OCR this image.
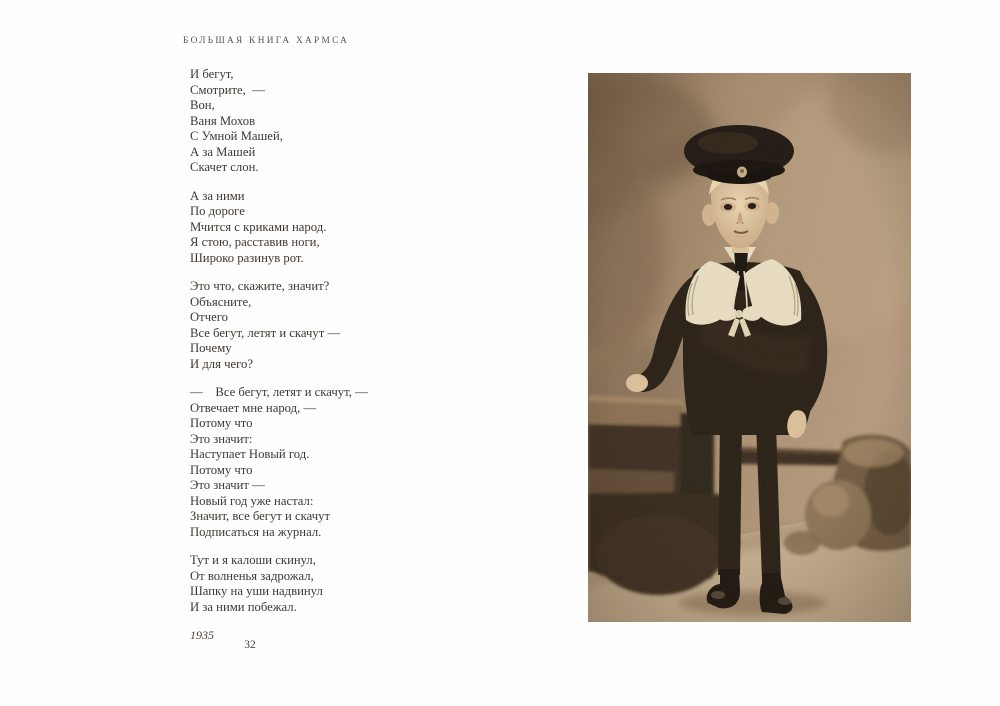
БОЛЬШАЯ КНИГА ХАРМСА

И бегут,
Смотрите, —
Вон,
Ваня Мохов
С Умной Машей,
А за Машей
Скачет слон.

А за ними
По дороге
Мчится с криками народ.
Я стою, расставив ноги,
Широко разинув рот.

Это что, скажите, значит?
Объясните,
Отчего
Все бегут, летят и скачут —
Почему
И для чего?

— Все бегут, летят и скачут, —
Отвечает мне народ, —
Потому что
Это значит:
Наступает Новый год.
Потому что
Это значит —
Новый год уже настал:
Значит, все бегут и скачут
Подписаться на журнал.

Тут и я калоши скинул,
От волненья задрожал,
Шапку на уши надвинул
И за ними побежал.

1935
32
